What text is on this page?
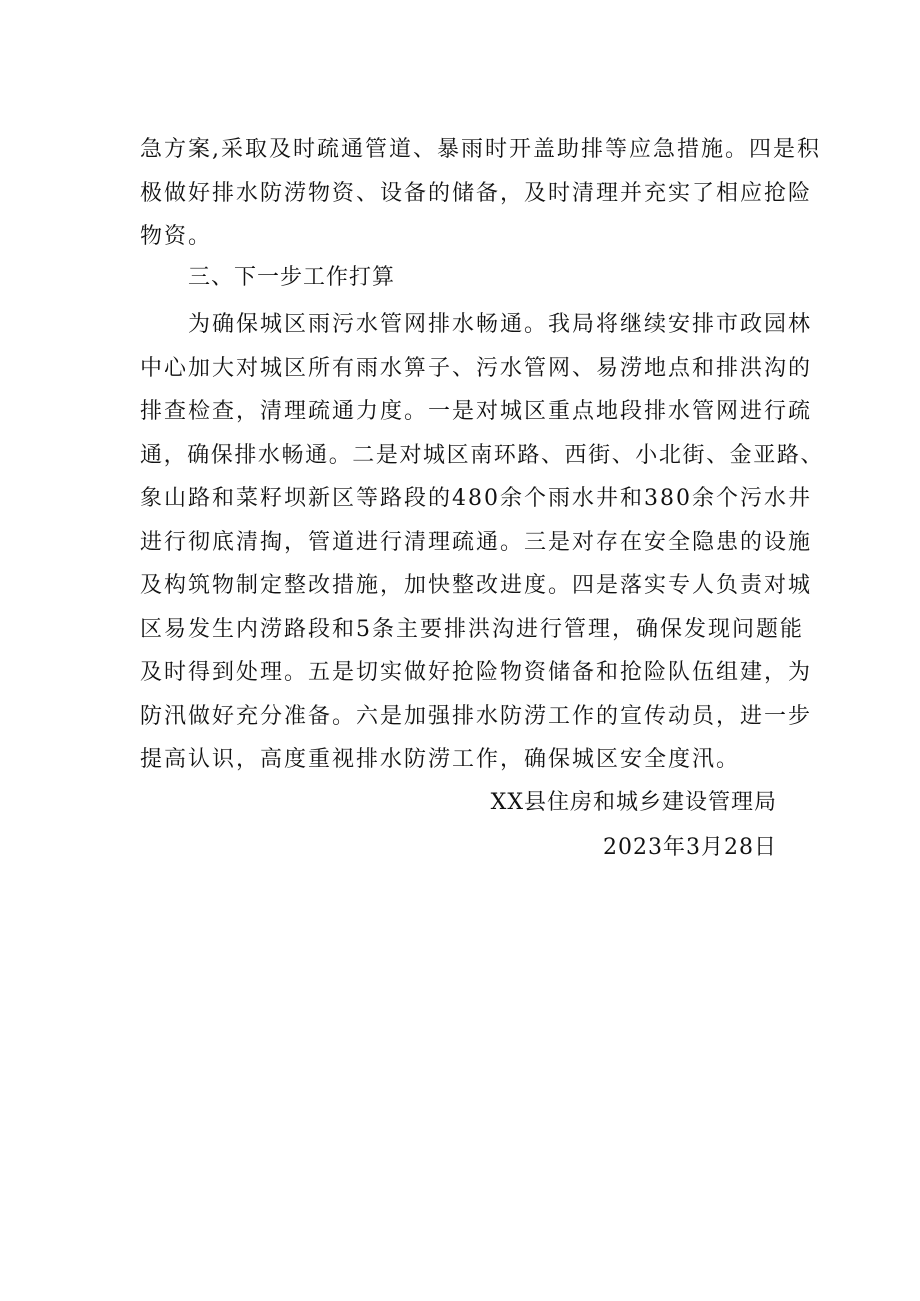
急方案,采取及时疏通管道、暴雨时开盖助排等应急措施。四是积
极做好排水防涝物资、设备的储备，及时清理并充实了相应抢险
物资。
三、下一步工作打算
为确保城区雨污水管网排水畅通。我局将继续安排市政园林
中心加大对城区所有雨水箅子、污水管网、易涝地点和排洪沟的
排查检查，清理疏通力度。一是对城区重点地段排水管网进行疏
通，确保排水畅通。二是对城区南环路、西街、小北街、金亚路、
象山路和菜籽坝新区等路段的480余个雨水井和380余个污水井
进行彻底清掏，管道进行清理疏通。三是对存在安全隐患的设施
及构筑物制定整改措施，加快整改进度。四是落实专人负责对城
区易发生内涝路段和5条主要排洪沟进行管理，确保发现问题能
及时得到处理。五是切实做好抢险物资储备和抢险队伍组建，为
防汛做好充分准备。六是加强排水防涝工作的宣传动员，进一步
提高认识，高度重视排水防涝工作，确保城区安全度汛。
XX县住房和城乡建设管理局
2023年3月28日
